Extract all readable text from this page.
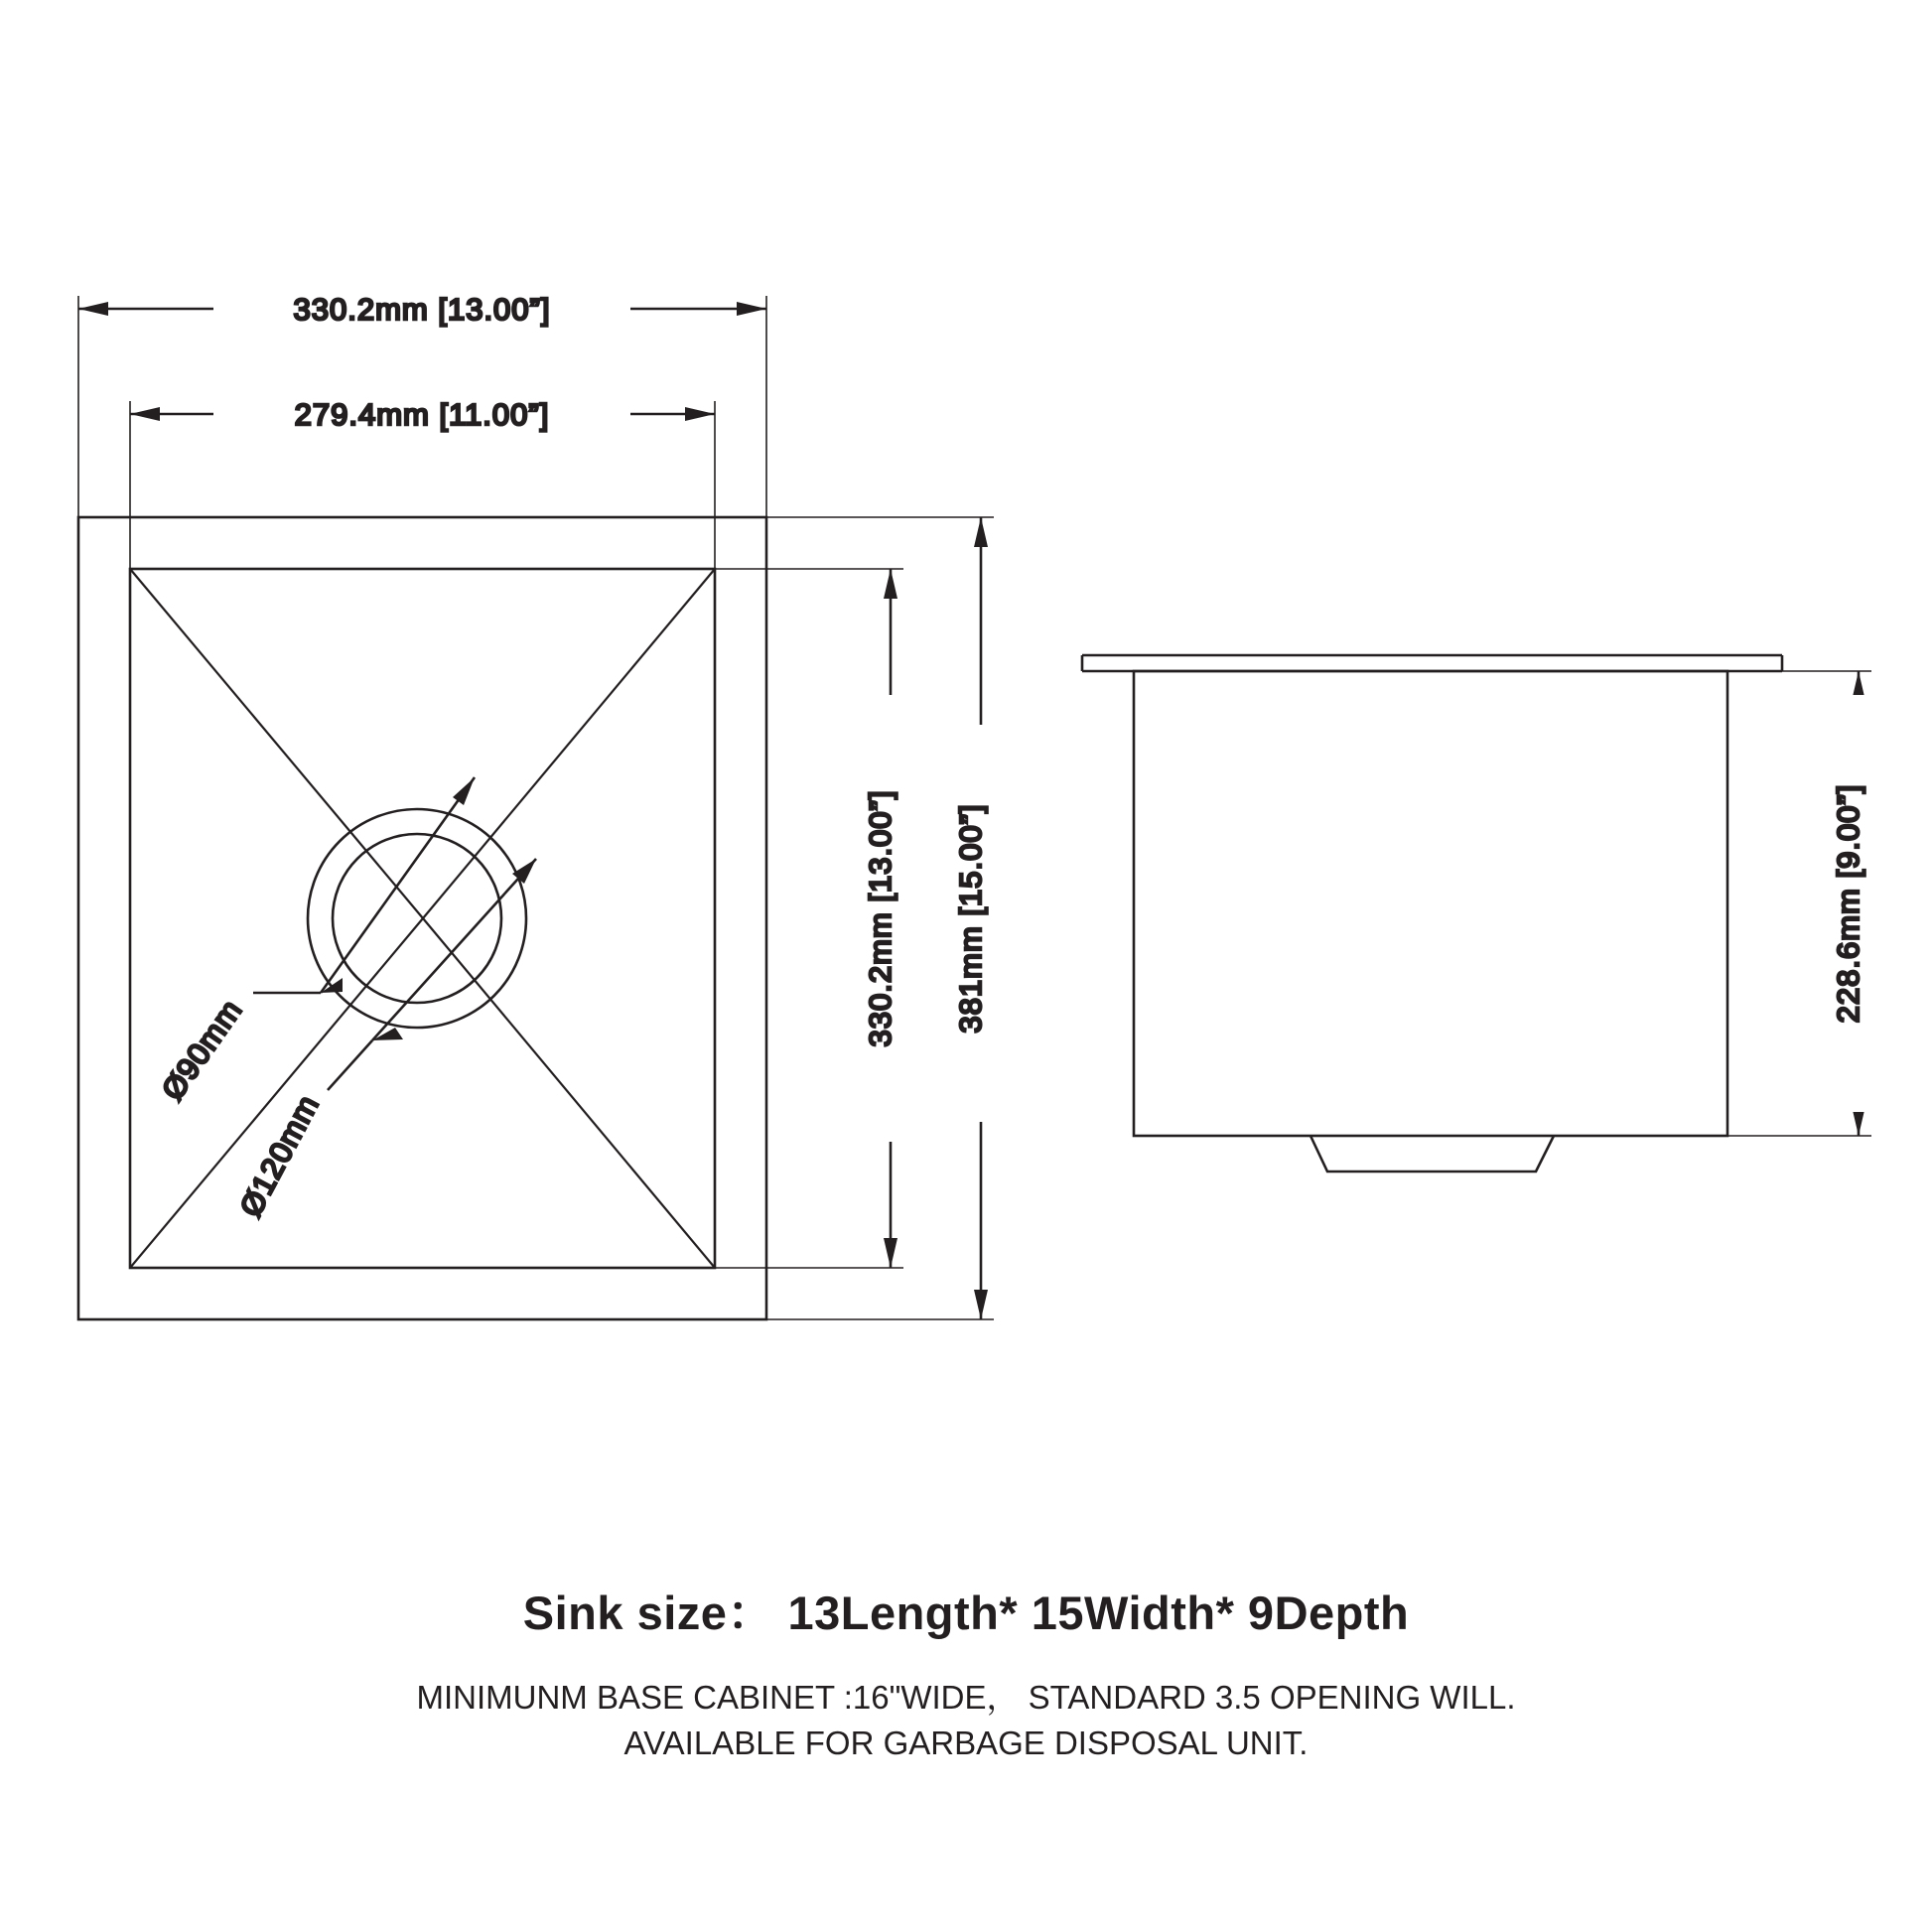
330.2mm [13.00”]
279.4mm [11.00”]
330.2mm [13.00”] 381mm [15.00”]
Ø90mm
Ø120mm
228.6mm [9.00”]
Sink size： 13Length* 15Width* 9Depth
MINIMUNM BASE CABINET :16"WIDE， STANDARD 3.5 OPENING WILL.
AVAILABLE FOR GARBAGE DISPOSAL UNIT.
